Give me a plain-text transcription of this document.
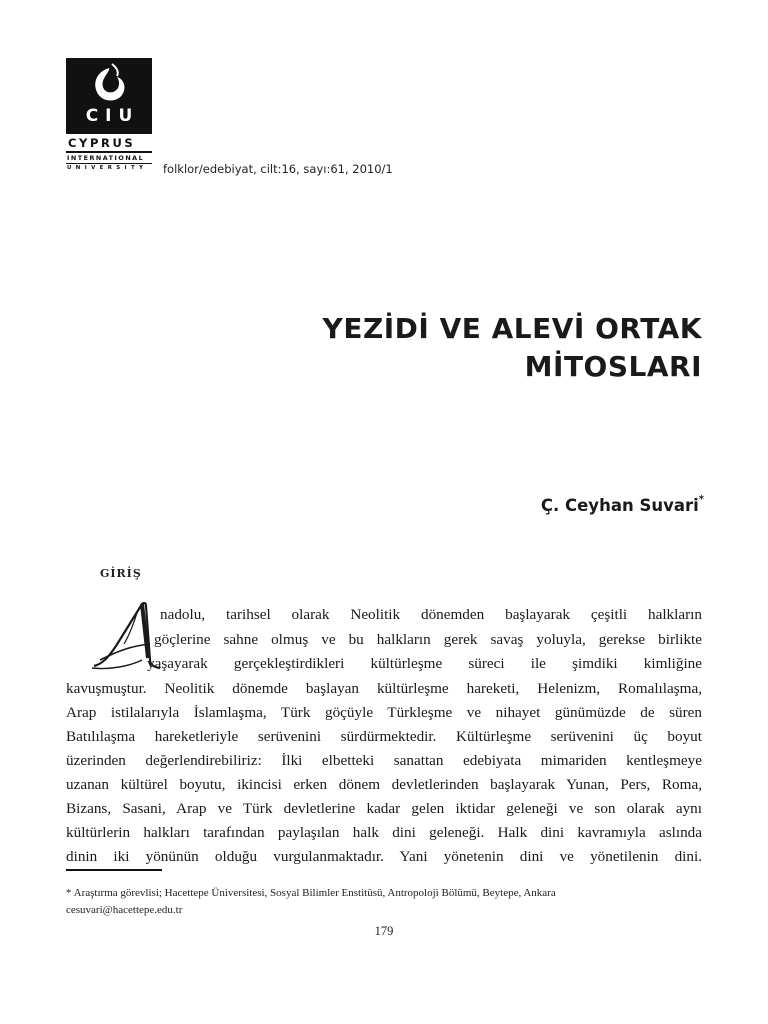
CIU
CYPRUS
INTERNATIONAL
UNIVERSITY	folklor/edebiyat, cilt:16, sayı:61, 2010/1
YEZİDİ VE ALEVİ ORTAK
MİTOSLARI
Ç. Ceyhan Suvari*
GİRİŞ
nadolu, tarihsel olarak Neolitik dönemden başlayarak çeşitli halkların
göçlerine sahne olmuş ve bu halkların gerek savaş yoluyla, gerekse birlikte
yaşayarak gerçekleştirdikleri kültürleşme süreci ile şimdiki kimliğine
kavuşmuştur. Neolitik dönemde başlayan kültürleşme hareketi, Helenizm, Romalılaşma,
Arap istilalarıyla İslamlaşma, Türk göçüyle Türkleşme ve nihayet günümüzde de süren
Batılılaşma hareketleriyle serüvenini sürdürmektedir. Kültürleşme serüvenini üç boyut
üzerinden değerlendirebiliriz: İlki elbetteki sanattan edebiyata mimariden kentleşmeye
uzanan kültürel boyutu, ikincisi erken dönem devletlerinden başlayarak Yunan, Pers, Roma,
Bizans, Sasani, Arap ve Türk devletlerine kadar gelen iktidar geleneği ve son olarak aynı
kültürlerin halkları tarafından paylaşılan halk dini geleneği. Halk dini kavramıyla aslında
dinin iki yönünün olduğu vurgulanmaktadır. Yani yönetenin dini ve yönetilenin dini.
* Araştırma görevlisi; Hacettepe Üniversitesi, Sosyal Bilimler Enstitüsü, Antropoloji Bölümü, Beytepe, Ankara
cesuvari@hacettepe.edu.tr
179
